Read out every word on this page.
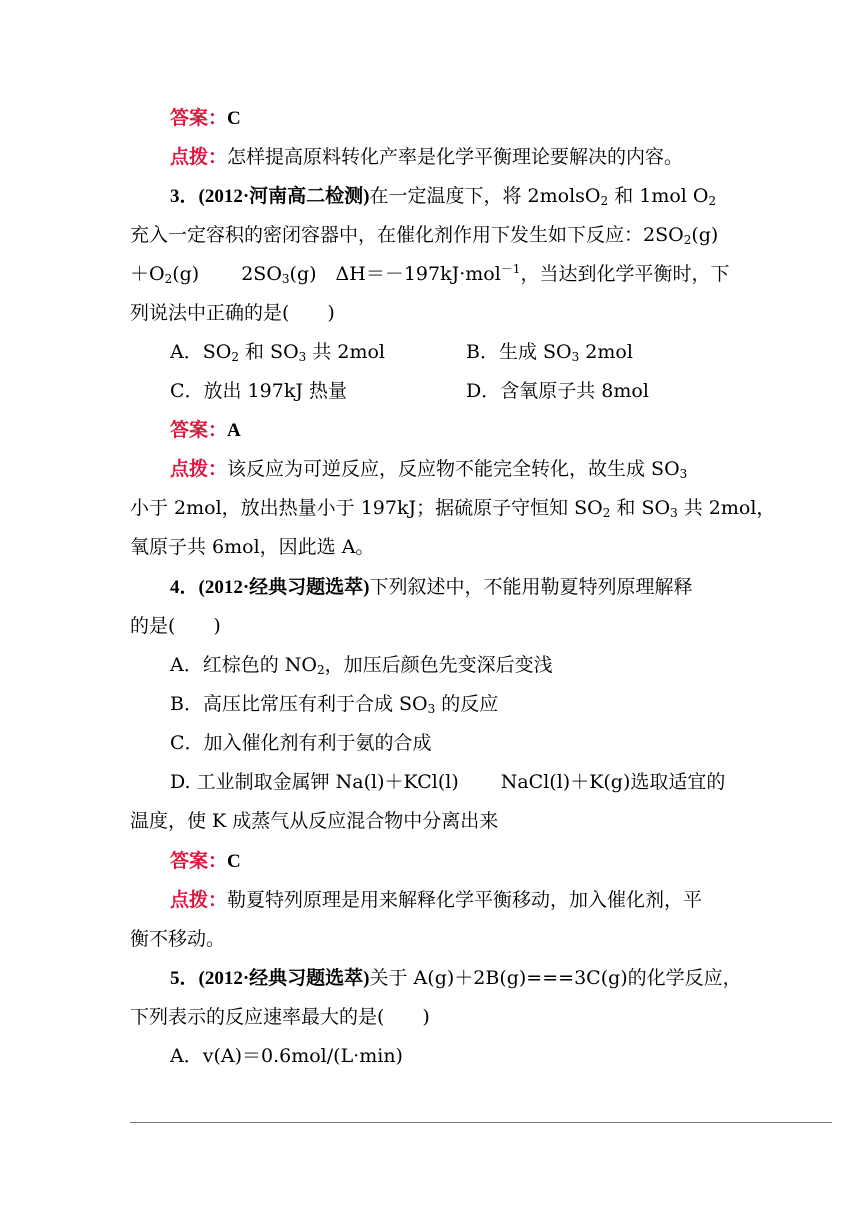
答案：C
点拨：怎样提高原料转化产率是化学平衡理论要解决的内容。
3．(2012·河南高二检测)在一定温度下，将 2molsO$_2$ 和 1mol $O_2$
充入一定容积的密闭容器中，在催化剂作用下发生如下反应：$2SO_2(g)$
$+O_2(g)$ $2SO_3(g)$　ΔH＝－197kJ·mol$^{-1}$，当达到化学平衡时，下
列说法中正确的是(　　)
A．$SO_2$ 和 $SO_3$ 共 2mol	B．生成 $SO_3$ 2mol
C．放出 197kJ 热量	D．含氧原子共 8mol
答案：A
点拨：该反应为可逆反应，反应物不能完全转化，故生成 $SO_3$
小于 2mol，放出热量小于 197kJ；据硫原子守恒知 $SO_2$ 和 $SO_3$ 共 2mol，
氧原子共 6mol，因此选 A。
4．(2012·经典习题选萃)下列叙述中，不能用勒夏特列原理解释
的是(　　)
A．红棕色的 $NO_2$，加压后颜色先变深后变浅
B．高压比常压有利于合成 $SO_3$ 的反应
C．加入催化剂有利于氨的合成
D. 工业制取金属钾 Na(l)＋KCl(l) NaCl(l)＋K(g)选取适宜的
温度，使 K 成蒸气从反应混合物中分离出来
答案：C
点拨：勒夏特列原理是用来解释化学平衡移动，加入催化剂，平
衡不移动。
5．(2012·经典习题选萃)关于 A(g)＋2B(g)===3C(g)的化学反应，
下列表示的反应速率最大的是(　　)
A．v(A)＝0.6mol/(L·min)
